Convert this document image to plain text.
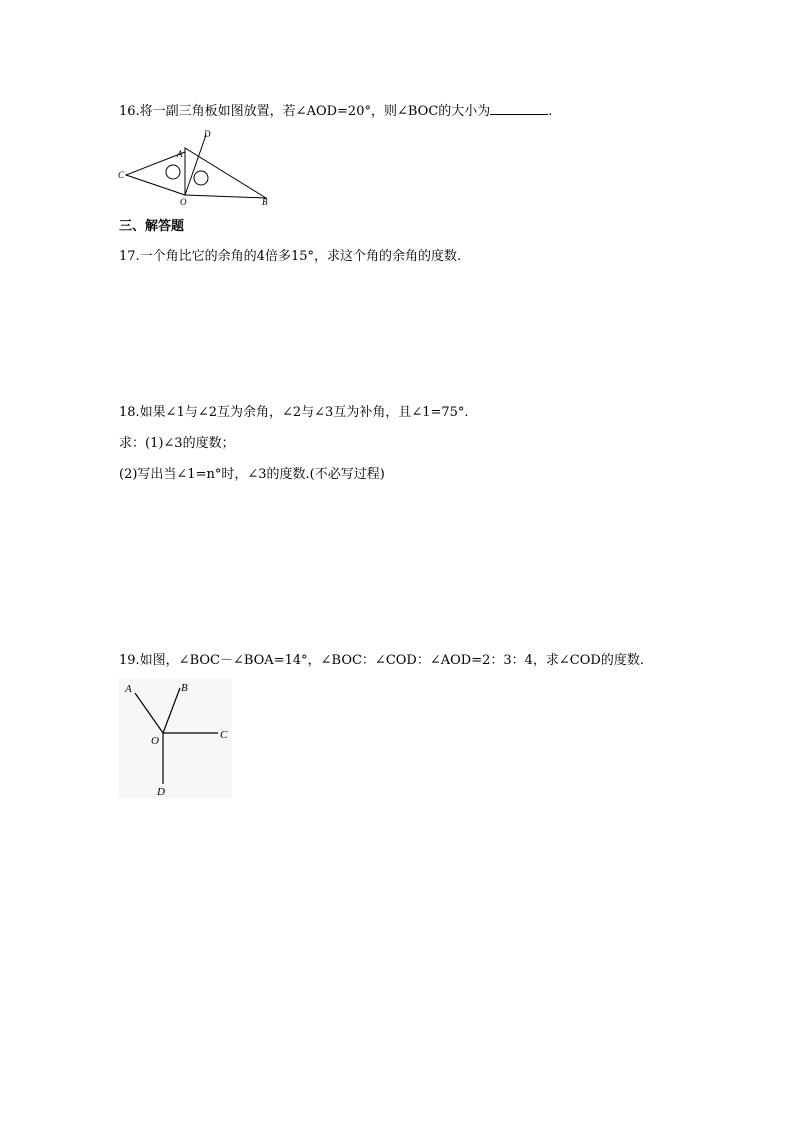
16.将一副三角板如图放置，若∠AOD=20°，则∠BOC的大小为	.
C
A
D
O	B
三、解答题
17.一个角比它的余角的4倍多15°，求这个角的余角的度数.
18.如果∠1与∠2互为余角，∠2与∠3互为补角，且∠1=75°.
求：(1)∠3的度数；
(2)写出当∠1=n°时，∠3的度数.(不必写过程)
19.如图，∠BOC－∠BOA=14°，∠BOC：∠COD：∠AOD=2：3：4，求∠COD的度数.
A	B
C
D
O
